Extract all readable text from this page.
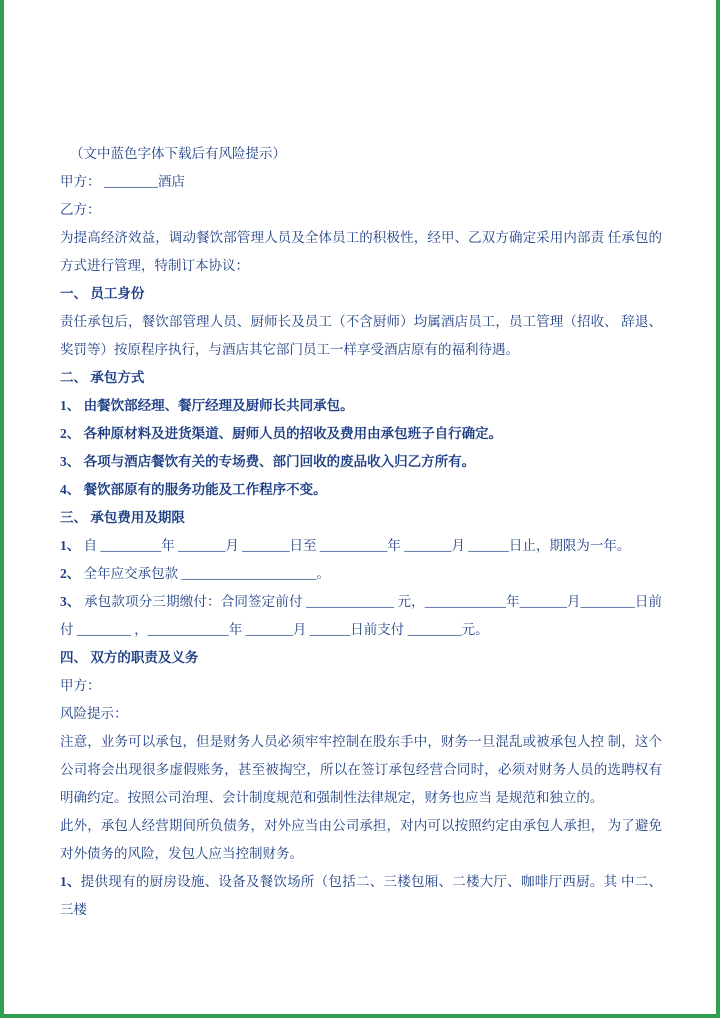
（文中蓝色字体下载后有风险提示）

甲方： ________酒店

乙方：

为提高经济效益，调动餐饮部管理人员及全体员工的积极性，经甲、乙双方确定采用内部责 任承包的方式进行管理，特制订本协议：

一、 员工身份

责任承包后，餐饮部管理人员、厨师长及员工（不含厨师）均属酒店员工，员工管理（招收、 辞退、奖罚等）按原程序执行，与酒店其它部门员工一样享受酒店原有的福利待遇。

二、 承包方式

1、 由餐饮部经理、餐厅经理及厨师长共同承包。

2、 各种原材料及进货渠道、厨师人员的招收及费用由承包班子自行确定。

3、 各项与酒店餐饮有关的专场费、部门回收的废品收入归乙方所有。

4、 餐饮部原有的服务功能及工作程序不变。

三、 承包费用及期限

1、 自 _________年 _______月 _______日至 __________年 _______月 ______日止，期限为一年。

2、 全年应交承包款 ____________________。

3、 承包款项分三期缴付：合同签定前付 _____________ 元，____________年_______月________日前付 ________ ，____________年 _______月 ______日前支付 ________元。

四、 双方的职责及义务

甲方：

风险提示：

注意，业务可以承包，但是财务人员必须牢牢控制在股东手中，财务一旦混乱或被承包人控 制，这个公司将会出现很多虚假账务，甚至被掏空，所以在签订承包经营合同时，必须对财务人员的选聘权有明确约定。按照公司治理、会计制度规范和强制性法律规定，财务也应当 是规范和独立的。

此外，承包人经营期间所负债务，对外应当由公司承担，对内可以按照约定由承包人承担， 为了避免对外债务的风险，发包人应当控制财务。

1、提供现有的厨房设施、设备及餐饮场所（包括二、三楼包厢、二楼大厅、咖啡厅西厨。其 中二、三楼
